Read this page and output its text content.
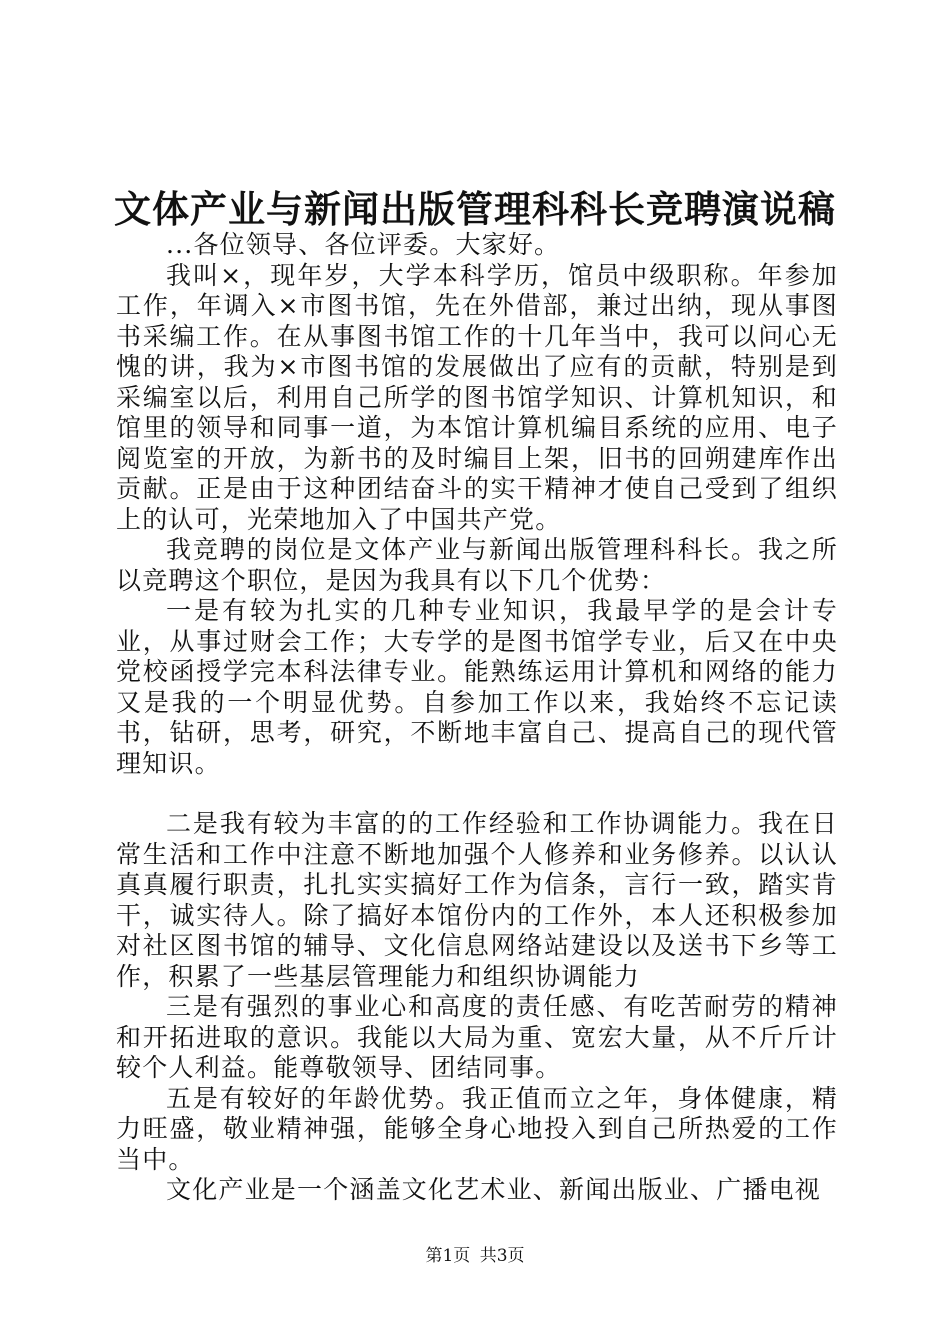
文体产业与新闻出版管理科科长竞聘演说稿

...各位领导、各位评委。大家好。

我叫×，现年岁，大学本科学历，馆员中级职称。年参加工作，年调入×市图书馆，先在外借部，兼过出纳，现从事图书采编工作。在从事图书馆工作的十几年当中，我可以问心无愧的讲，我为×市图书馆的发展做出了应有的贡献，特别是到采编室以后，利用自己所学的图书馆学知识、计算机知识，和馆里的领导和同事一道，为本馆计算机编目系统的应用、电子阅览室的开放，为新书的及时编目上架，旧书的回朔建库作出贡献。正是由于这种团结奋斗的实干精神才使自己受到了组织上的认可，光荣地加入了中国共产党。

我竞聘的岗位是文体产业与新闻出版管理科科长。我之所以竞聘这个职位，是因为我具有以下几个优势：

一是有较为扎实的几种专业知识，我最早学的是会计专业，从事过财会工作；大专学的是图书馆学专业，后又在中央党校函授学完本科法律专业。能熟练运用计算机和网络的能力又是我的一个明显优势。自参加工作以来，我始终不忘记读书，钻研，思考，研究，不断地丰富自己、提高自己的现代管理知识。

二是我有较为丰富的的工作经验和工作协调能力。我在日常生活和工作中注意不断地加强个人修养和业务修养。以认认真真履行职责，扎扎实实搞好工作为信条，言行一致，踏实肯干，诚实待人。除了搞好本馆份内的工作外，本人还积极参加对社区图书馆的辅导、文化信息网络站建设以及送书下乡等工作，积累了一些基层管理能力和组织协调能力

三是有强烈的事业心和高度的责任感、有吃苦耐劳的精神和开拓进取的意识。我能以大局为重、宽宏大量，从不斤斤计较个人利益。能尊敬领导、团结同事。

五是有较好的年龄优势。我正值而立之年，身体健康，精力旺盛，敬业精神强，能够全身心地投入到自己所热爱的工作当中。

文化产业是一个涵盖文化艺术业、新闻出版业、广播电视

第1页 共3页
